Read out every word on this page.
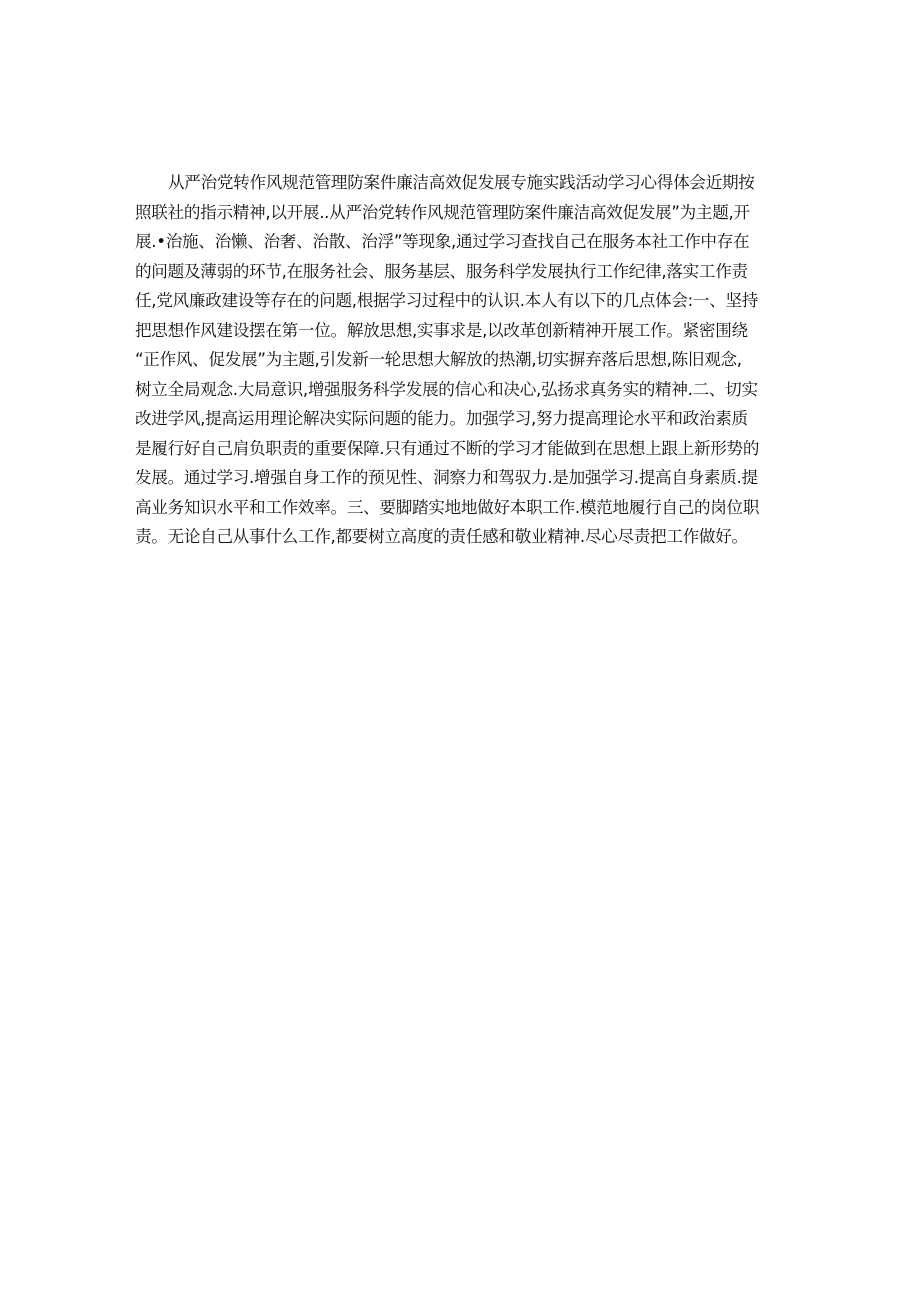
从严治党转作风规范管理防案件廉洁高效促发展专施实践活动学习心得体会近期按
照联社的指示精神,以开展..从严治党转作风规范管理防案件廉洁高效促发展”为主题,开
展.•治施、治懒、治奢、治散、治浮”等现象,通过学习查找自己在服务本社工作中存在
的问题及薄弱的环节,在服务社会、服务基层、服务科学发展执行工作纪律,落实工作责
任,党风廉政建设等存在的问题,根据学习过程中的认识.本人有以下的几点体会:一、坚持
把思想作风建设摆在第一位。解放思想,实事求是,以改革创新精神开展工作。紧密围绕
“正作风、促发展”为主题,引发新一轮思想大解放的热潮,切实摒弃落后思想,陈旧观念,
树立全局观念.大局意识,增强服务科学发展的信心和决心,弘扬求真务实的精神.二、切实
改进学风,提高运用理论解决实际问题的能力。加强学习,努力提高理论水平和政治素质
是履行好自己肩负职责的重要保障.只有通过不断的学习才能做到在思想上跟上新形势的
发展。通过学习.增强自身工作的预见性、洞察力和驾驭力.是加强学习.提高自身素质.提
高业务知识水平和工作效率。三、要脚踏实地地做好本职工作.模范地履行自己的岗位职
责。无论自己从事什么工作,都要树立高度的责任感和敬业精神.尽心尽责把工作做好。
